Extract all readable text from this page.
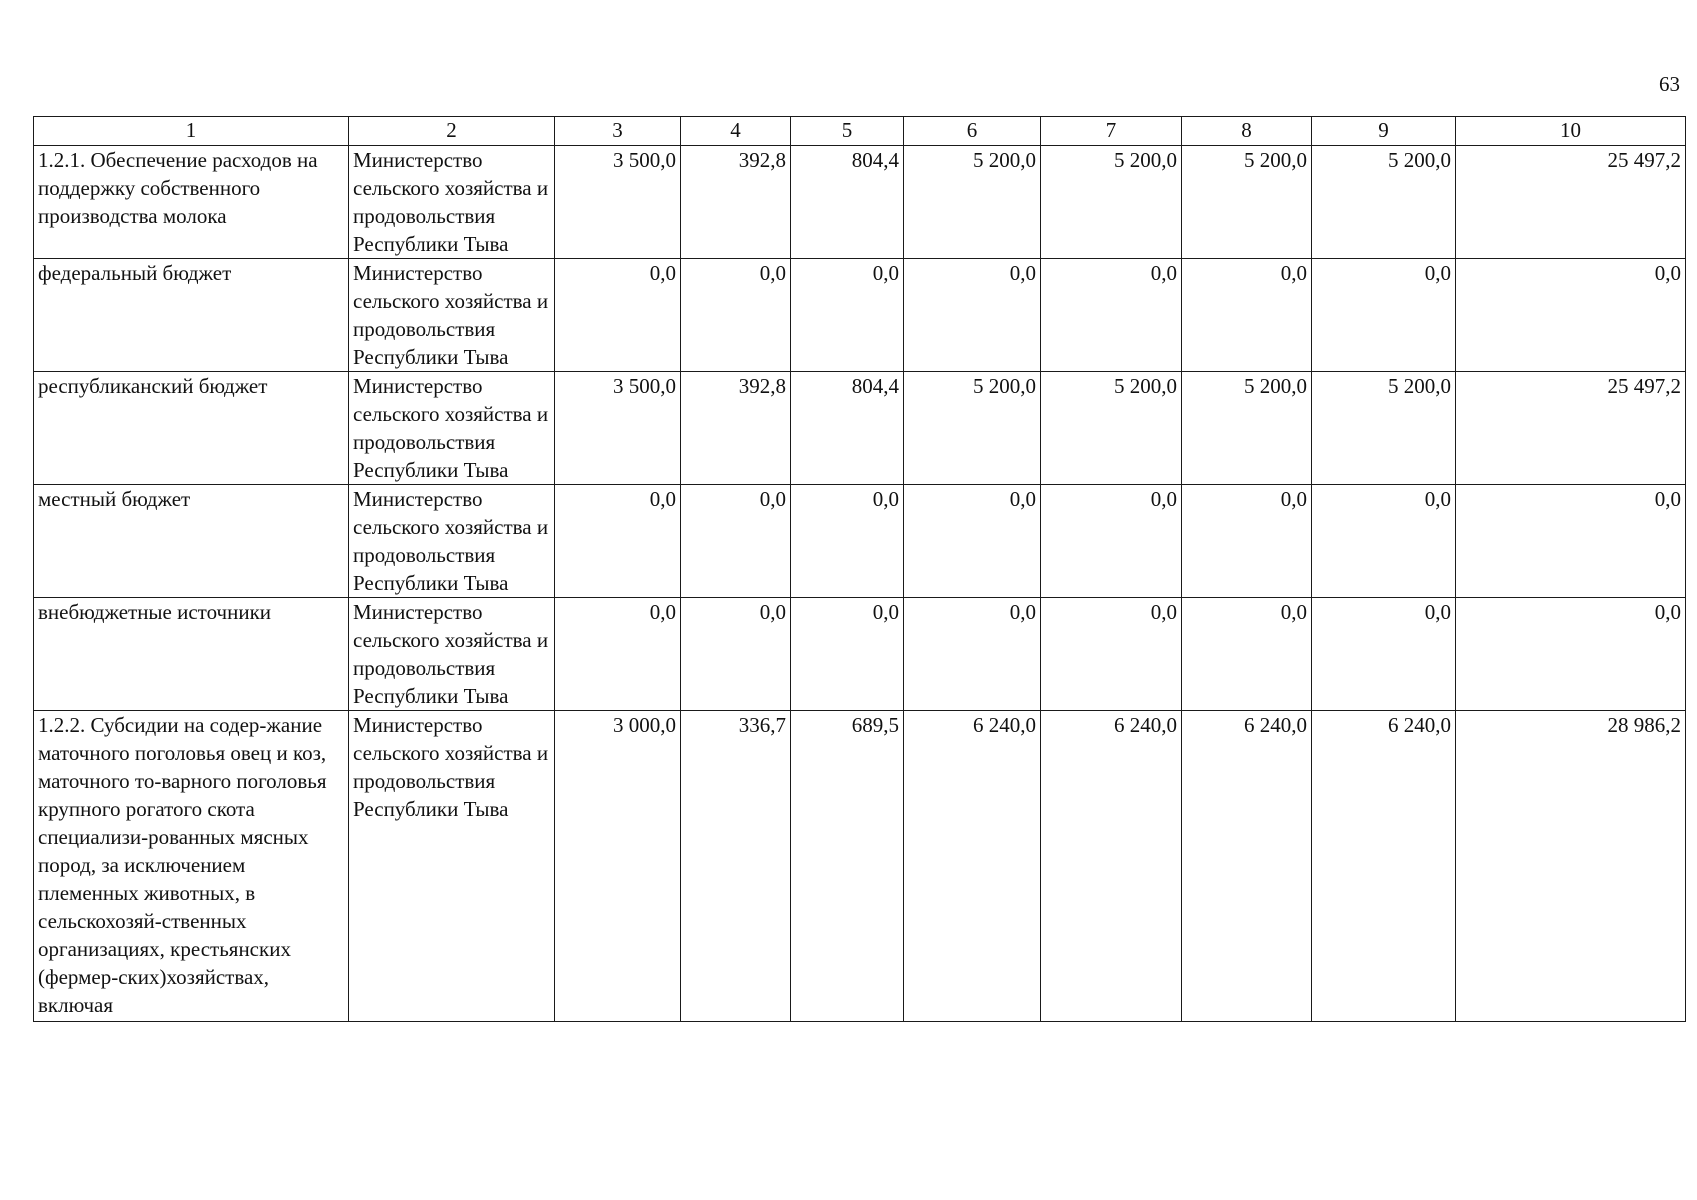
63
1	2	3	4	5	6	7	8	9	10
1.2.1. Обеспечение расходов на поддержку собственного производства молока	Министерство сельского хозяйства и продовольствия Республики Тыва	3 500,0	392,8	804,4	5 200,0	5 200,0	5 200,0	5 200,0	25 497,2
федеральный бюджет	Министерство сельского хозяйства и продовольствия Республики Тыва	0,0	0,0	0,0	0,0	0,0	0,0	0,0	0,0
республиканский бюджет	Министерство сельского хозяйства и продовольствия Республики Тыва	3 500,0	392,8	804,4	5 200,0	5 200,0	5 200,0	5 200,0	25 497,2
местный бюджет	Министерство сельского хозяйства и продовольствия Республики Тыва	0,0	0,0	0,0	0,0	0,0	0,0	0,0	0,0
внебюджетные источники	Министерство сельского хозяйства и продовольствия Республики Тыва	0,0	0,0	0,0	0,0	0,0	0,0	0,0	0,0
1.2.2. Субсидии на содер-жание маточного поголовья овец и коз, маточного то-варного поголовья крупного рогатого скота специализи-рованных мясных пород, за исключением племенных животных, в сельскохозяй-ственных организациях, крестьянских (фермер-ских)хозяйствах, включая	Министерство сельского хозяйства и продовольствия Республики Тыва	3 000,0	336,7	689,5	6 240,0	6 240,0	6 240,0	6 240,0	28 986,2
